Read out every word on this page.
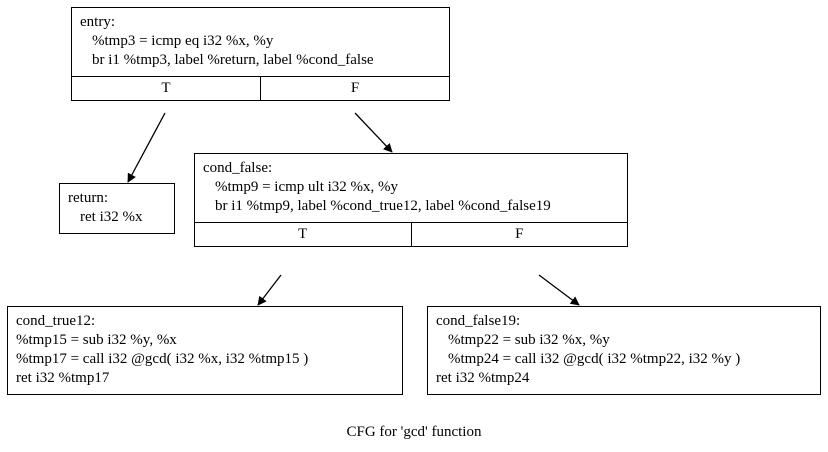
entry:
%tmp3 = icmp eq i32 %x, %y
br i1 %tmp3, label %return, label %cond_false
T	F
return:
ret i32 %x
cond_false:
%tmp9 = icmp ult i32 %x, %y
br i1 %tmp9, label %cond_true12, label %cond_false19
T	F
cond_true12:
%tmp15 = sub i32 %y, %x
%tmp17 = call i32 @gcd( i32 %x, i32 %tmp15 )
ret i32 %tmp17
cond_false19:
%tmp22 = sub i32 %x, %y
%tmp24 = call i32 @gcd( i32 %tmp22, i32 %y )
ret i32 %tmp24
CFG for 'gcd' function
